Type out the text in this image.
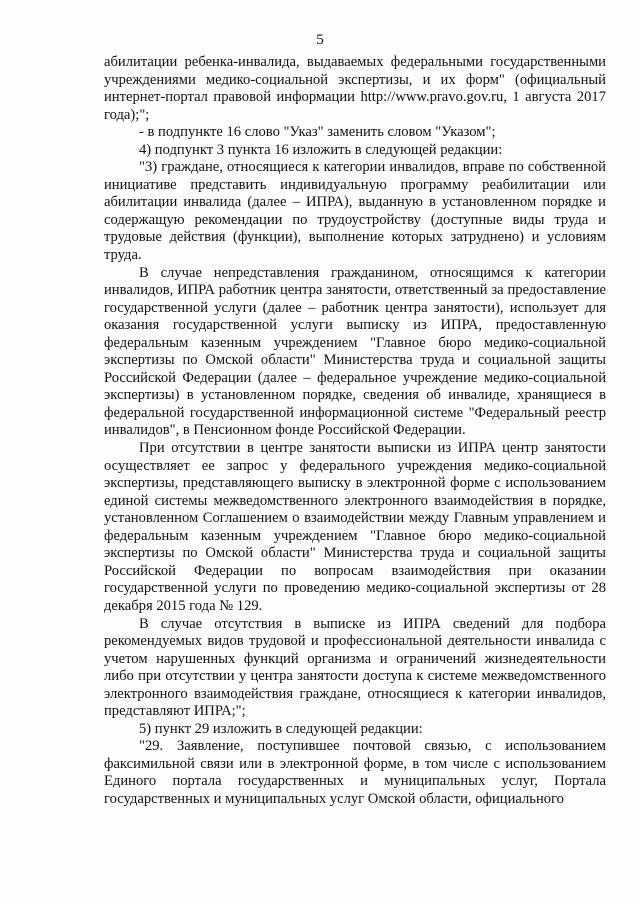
5

абилитации ребенка-инвалида, выдаваемых федеральными государственными учреждениями медико-социальной экспертизы, и их форм" (официальный интернет-портал правовой информации http://www.pravo.gov.ru, 1 августа 2017 года);";

- в подпункте 16 слово "Указ" заменить словом "Указом";

4) подпункт 3 пункта 16 изложить в следующей редакции:

"3) граждане, относящиеся к категории инвалидов, вправе по собственной инициативе представить индивидуальную программу реабилитации или абилитации инвалида (далее – ИПРА), выданную в установленном порядке и содержащую рекомендации по трудоустройству (доступные виды труда и трудовые действия (функции), выполнение которых затруднено) и условиям труда.

В случае непредставления гражданином, относящимся к категории инвалидов, ИПРА работник центра занятости, ответственный за предоставление государственной услуги (далее – работник центра занятости), использует для оказания государственной услуги выписку из ИПРА, предоставленную федеральным казенным учреждением "Главное бюро медико-социальной экспертизы по Омской области" Министерства труда и социальной защиты Российской Федерации (далее – федеральное учреждение медико-социальной экспертизы) в установленном порядке, сведения об инвалиде, хранящиеся в федеральной государственной информационной системе "Федеральный реестр инвалидов", в Пенсионном фонде Российской Федерации.

При отсутствии в центре занятости выписки из ИПРА центр занятости осуществляет ее запрос у федерального учреждения медико-социальной экспертизы, представляющего выписку в электронной форме с использованием единой системы межведомственного электронного взаимодействия в порядке, установленном Соглашением о взаимодействии между Главным управлением и федеральным казенным учреждением "Главное бюро медико-социальной экспертизы по Омской области" Министерства труда и социальной защиты Российской Федерации по вопросам взаимодействия при оказании государственной услуги по проведению медико-социальной экспертизы от 28 декабря 2015 года № 129.

В случае отсутствия в выписке из ИПРА сведений для подбора рекомендуемых видов трудовой и профессиональной деятельности инвалида с учетом нарушенных функций организма и ограничений жизнедеятельности либо при отсутствии у центра занятости доступа к системе межведомственного электронного взаимодействия граждане, относящиеся к категории инвалидов, представляют ИПРА;";

5) пункт 29 изложить в следующей редакции:

"29. Заявление, поступившее почтовой связью, с использованием факсимильной связи или в электронной форме, в том числе с использованием Единого портала государственных и муниципальных услуг, Портала государственных и муниципальных услуг Омской области, официального
